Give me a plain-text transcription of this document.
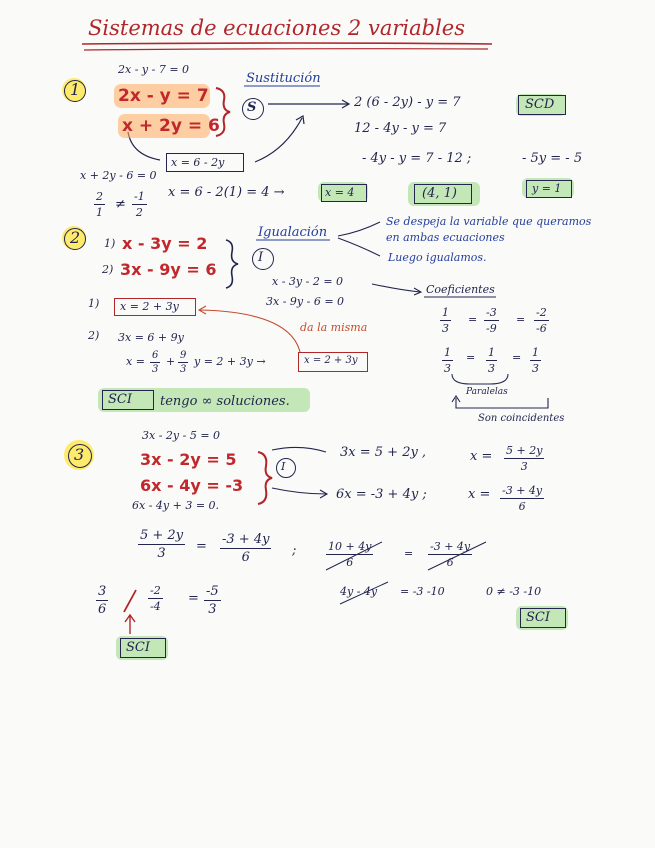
Sistemas de ecuaciones 2 variables
1
2x - y - 7 = 0
2x - y = 7
x + 2y = 6
Sustitución
S	2 (6 - 2y) - y = 7
12 - 4y - y = 7
- 4y - y = 7 - 12 ;	- 5y = - 5
SCD
x = 6 - 2y
x + 2y - 6 = 0
$\frac{2}{1} \ne \frac{-1}{2}$ x = 6 - 2(1) = 4 →	x = 4	(4, 1)	y = 1
2 1) x - 3y = 2
2) 3x - 9y = 6
Igualación
I
Se despeja la variable que queramos
en ambas ecuaciones
Luego igualamos.
x - 3y - 2 = 0
3x - 9y - 6 = 0
Coeficientes
$\frac{1}{3} = \frac{-3}{-9} = \frac{-2}{-6}$
$\frac{1}{3} = \frac{1}{3} = \frac{1}{3}$
Paralelas
Son coincidentes
1) x = 2 + 3y
2) 3x = 6 + 9y
da la misma
$x = \frac{6}{3} + \frac{9}{3}$ y = 2 + 3y →	x = 2 + 3y
SCI tengo ∞ soluciones.
3
3x - 2y - 5 = 0
3x - 2y = 5
6x - 4y = -3
6x - 4y + 3 = 0.
I
3x = 5 + 2y ,	$x = \frac{5 + 2y}{3}$
6x = -3 + 4y ;	$x = \frac{-3 + 4y}{6}$
$\frac{5 + 2y}{3} = \frac{-3 + 4y}{6}$ ;	$\frac{10 + 4y}{6}$	= $\frac{-3 + 4y}{6}$
4y - 4y = -3 -10	0 ≠ -3 -10
SCI
$\frac{3}{6}$	$\frac{-2}{-4} = \frac{-5}{3}$
SCI
